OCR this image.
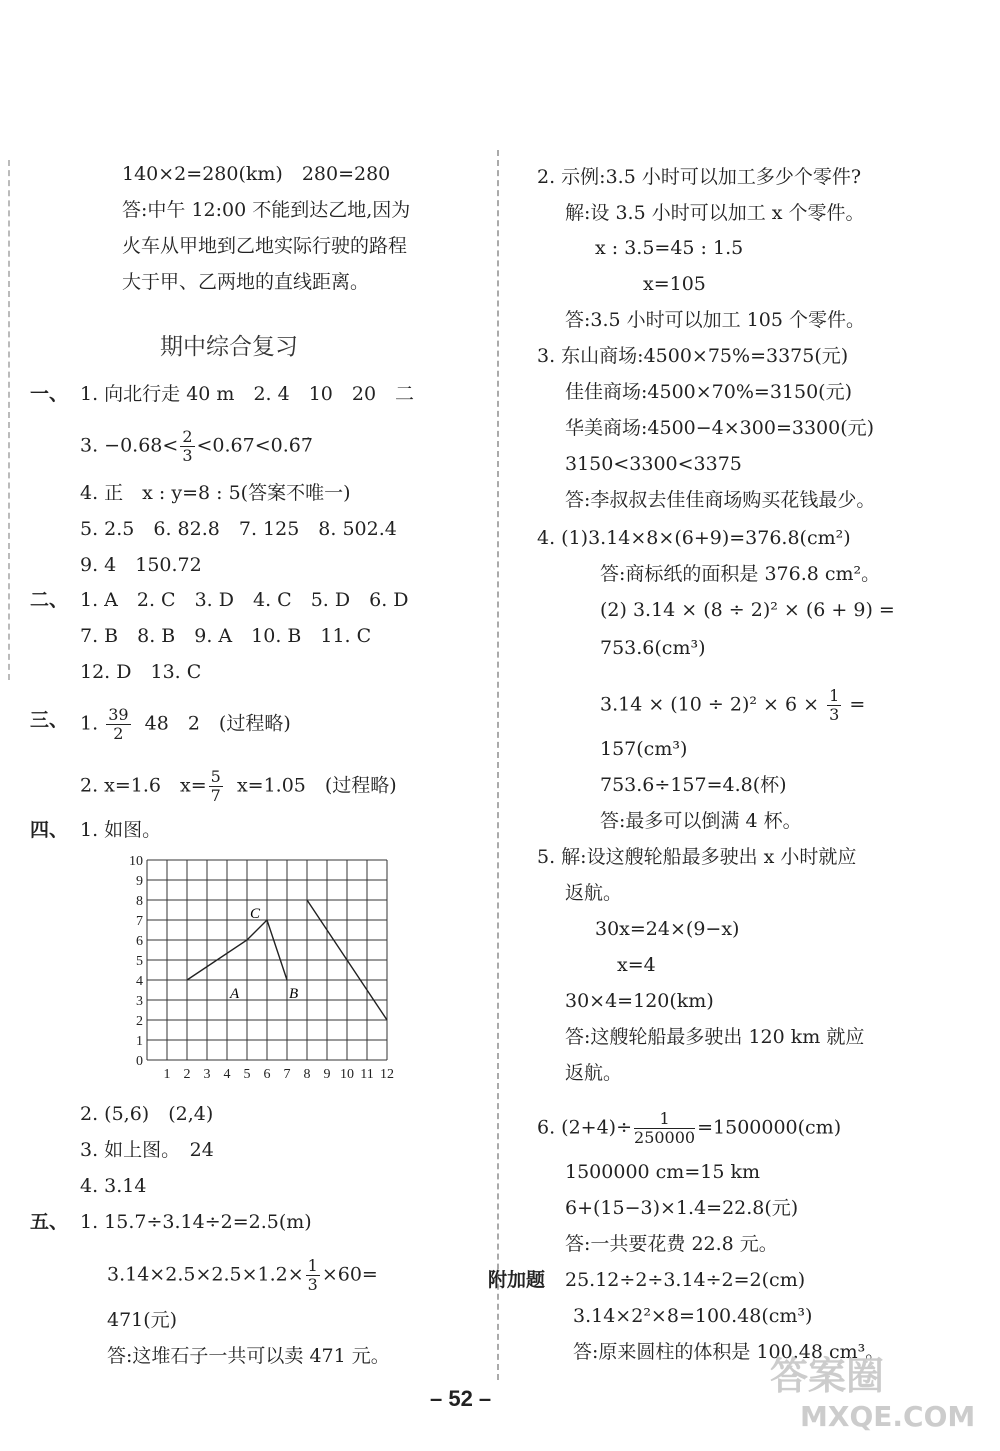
140×2=280(km)　280=280
答:中午 12:00 不能到达乙地,因为
火车从甲地到乙地实际行驶的路程
大于甲、乙两地的直线距离。
期中综合复习
一、 1. 向北行走 40 m　2. 4　10　20　二
3. $-0.68< \frac{2}{3}$ <0.67<0.6̇7̇
4. 正　x : y=8 : 5(答案不唯一)
5. 2.5　6. 82.8　7. 125　8. 502.4
9. 4　150.72
二、 1. A　2. C　3. D　4. C　5. D　6. D
7. B　8. B　9. A　10. B　11. C
12. D　13. C
三、 1. $\frac{39}{2} 48$　2　(过程略)
2. x=1.6　$x= \frac{5}{7} x=1.05$　(过程略)
四、 1. 如图。
10
9
8
7
6
5
4
3
2
1
0
1 2 3 4 5 6 7 8 9 10 11 12
A	B
C
2. (5,6)　(2,4)
3. 如上图。　24
4. 3.14
五、 1. 15.7÷3.14÷2=2.5(m)
$3.14\times 2.5\times 2.5\times 1.2\times \frac{1}{3} \times 60=$
471(元)
答:这堆石子一共可以卖 471 元。
2. 示例:3.5 小时可以加工多少个零件?
解:设 3.5 小时可以加工 x 个零件。
x : 3.5=45 : 1.5
x=105
答:3.5 小时可以加工 105 个零件。
3. 东山商场:4500×75%=3375(元)
佳佳商场:4500×70%=3150(元)
华美商场:4500−4×300=3300(元)
3150<3300<3375
答:李叔叔去佳佳商场购买花钱最少。
4. (1)3.14×8×(6+9)=376.8(cm²)
答:商标纸的面积是 376.8 cm²。
(2) 3.14 × (8 ÷ 2)² × (6 + 9) =
753.6(cm³)
$3.14 \times (10 \div 2)^2 \times 6 \times \frac{1}{3}$ =
157(cm³)
753.6÷157=4.8(杯)
答:最多可以倒满 4 杯。
5. 解:设这艘轮船最多驶出 x 小时就应
返航。
30x=24×(9−x)
x=4
30×4=120(km)
答:这艘轮船最多驶出 120 km 就应
返航。
6. $(2+4)\div \frac{1}{250000} =1500000(cm)$
1500000 cm=15 km
6+(15−3)×1.4=22.8(元)
答:一共要花费 22.8 元。
附加题 25.12÷2÷3.14÷2=2(cm)
3.14×2²×8=100.48(cm³)
答:原来圆柱的体积是 100.48 cm³。
– 52 –
答案圈
MXQE.COM
